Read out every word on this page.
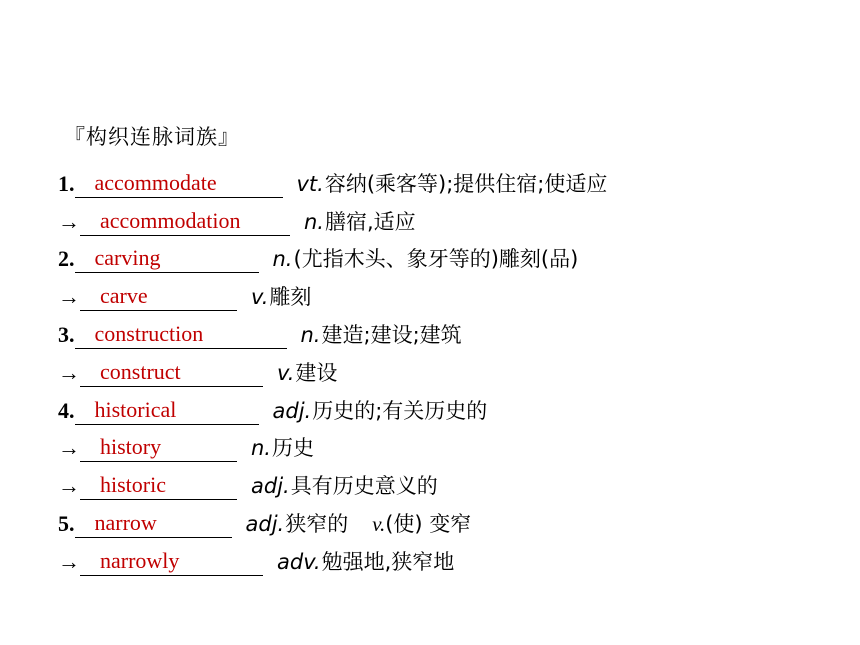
『构织连脉词族』
1. accommodate	vt. 容纳(乘客等);提供住宿;使适应
→ accommodation	n. 膳宿,适应
2. carving	n. (尤指木头、象牙等的)雕刻(品)
→ carve	v. 雕刻
3. construction	n. 建造;建设;建筑
→ construct	v. 建设
4. historical	adj. 历史的;有关历史的
→ history	n. 历史
→ historic	adj. 具有历史意义的
5. narrow	adj. 狭窄的 v. (使) 变窄
→ narrowly	adv. 勉强地,狭窄地
